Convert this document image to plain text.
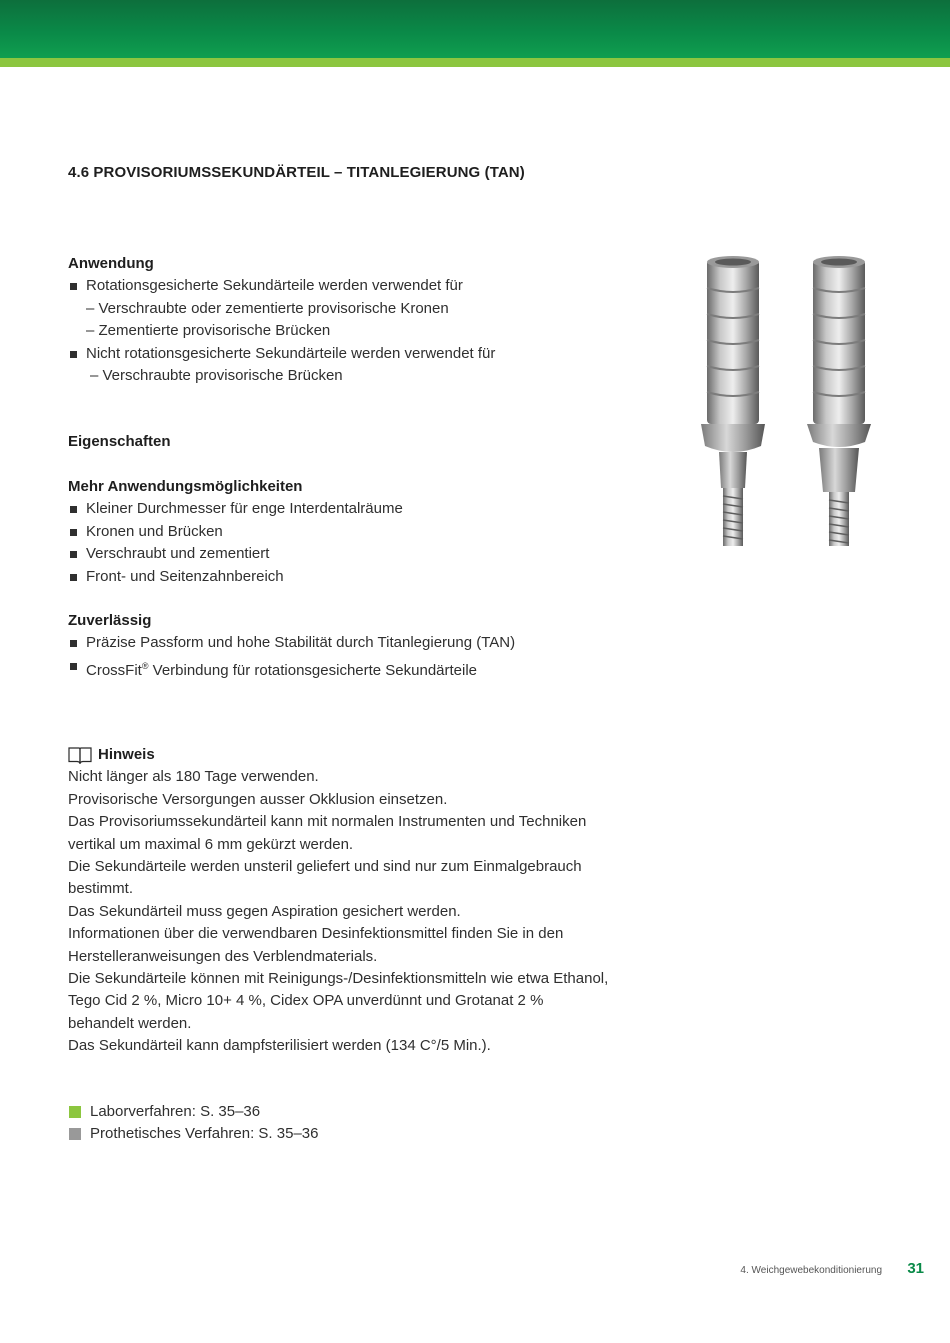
4.6 PROVISORIUMSSEKUNDÄRTEIL – TITANLEGIERUNG (TAN)
Anwendung
Rotationsgesicherte Sekundärteile werden verwendet für
– Verschraubte oder zementierte provisorische Kronen
– Zementierte provisorische Brücken
Nicht rotationsgesicherte Sekundärteile werden verwendet für
– Verschraubte provisorische Brücken
Eigenschaften
Mehr Anwendungsmöglichkeiten
Kleiner Durchmesser für enge Interdentalräume
Kronen und Brücken
Verschraubt und zementiert
Front- und Seitenzahnbereich
Zuverlässig
Präzise Passform und hohe Stabilität durch Titanlegierung (TAN)
CrossFit® Verbindung für rotationsgesicherte Sekundärteile
Hinweis
Nicht länger als 180 Tage verwenden.
Provisorische Versorgungen ausser Okklusion einsetzen.
Das Provisoriumssekundärteil kann mit normalen Instrumenten und Techniken
vertikal um maximal 6 mm gekürzt werden.
Die Sekundärteile werden unsteril geliefert und sind nur zum Einmalgebrauch
bestimmt.
Das Sekundärteil muss gegen Aspiration gesichert werden.
Informationen über die verwendbaren Desinfektionsmittel finden Sie in den
Herstelleranweisungen des Verblendmaterials.
Die Sekundärteile können mit Reinigungs-/Desinfektionsmitteln wie etwa Ethanol,
Tego Cid 2 %, Micro 10+ 4 %, Cidex OPA unverdünnt und Grotanat 2 %
behandelt werden.
Das Sekundärteil kann dampfsterilisiert werden (134 C°/5 Min.).
Laborverfahren: S. 35–36
Prothetisches Verfahren: S. 35–36
4. Weichgewebekonditionierung 31
